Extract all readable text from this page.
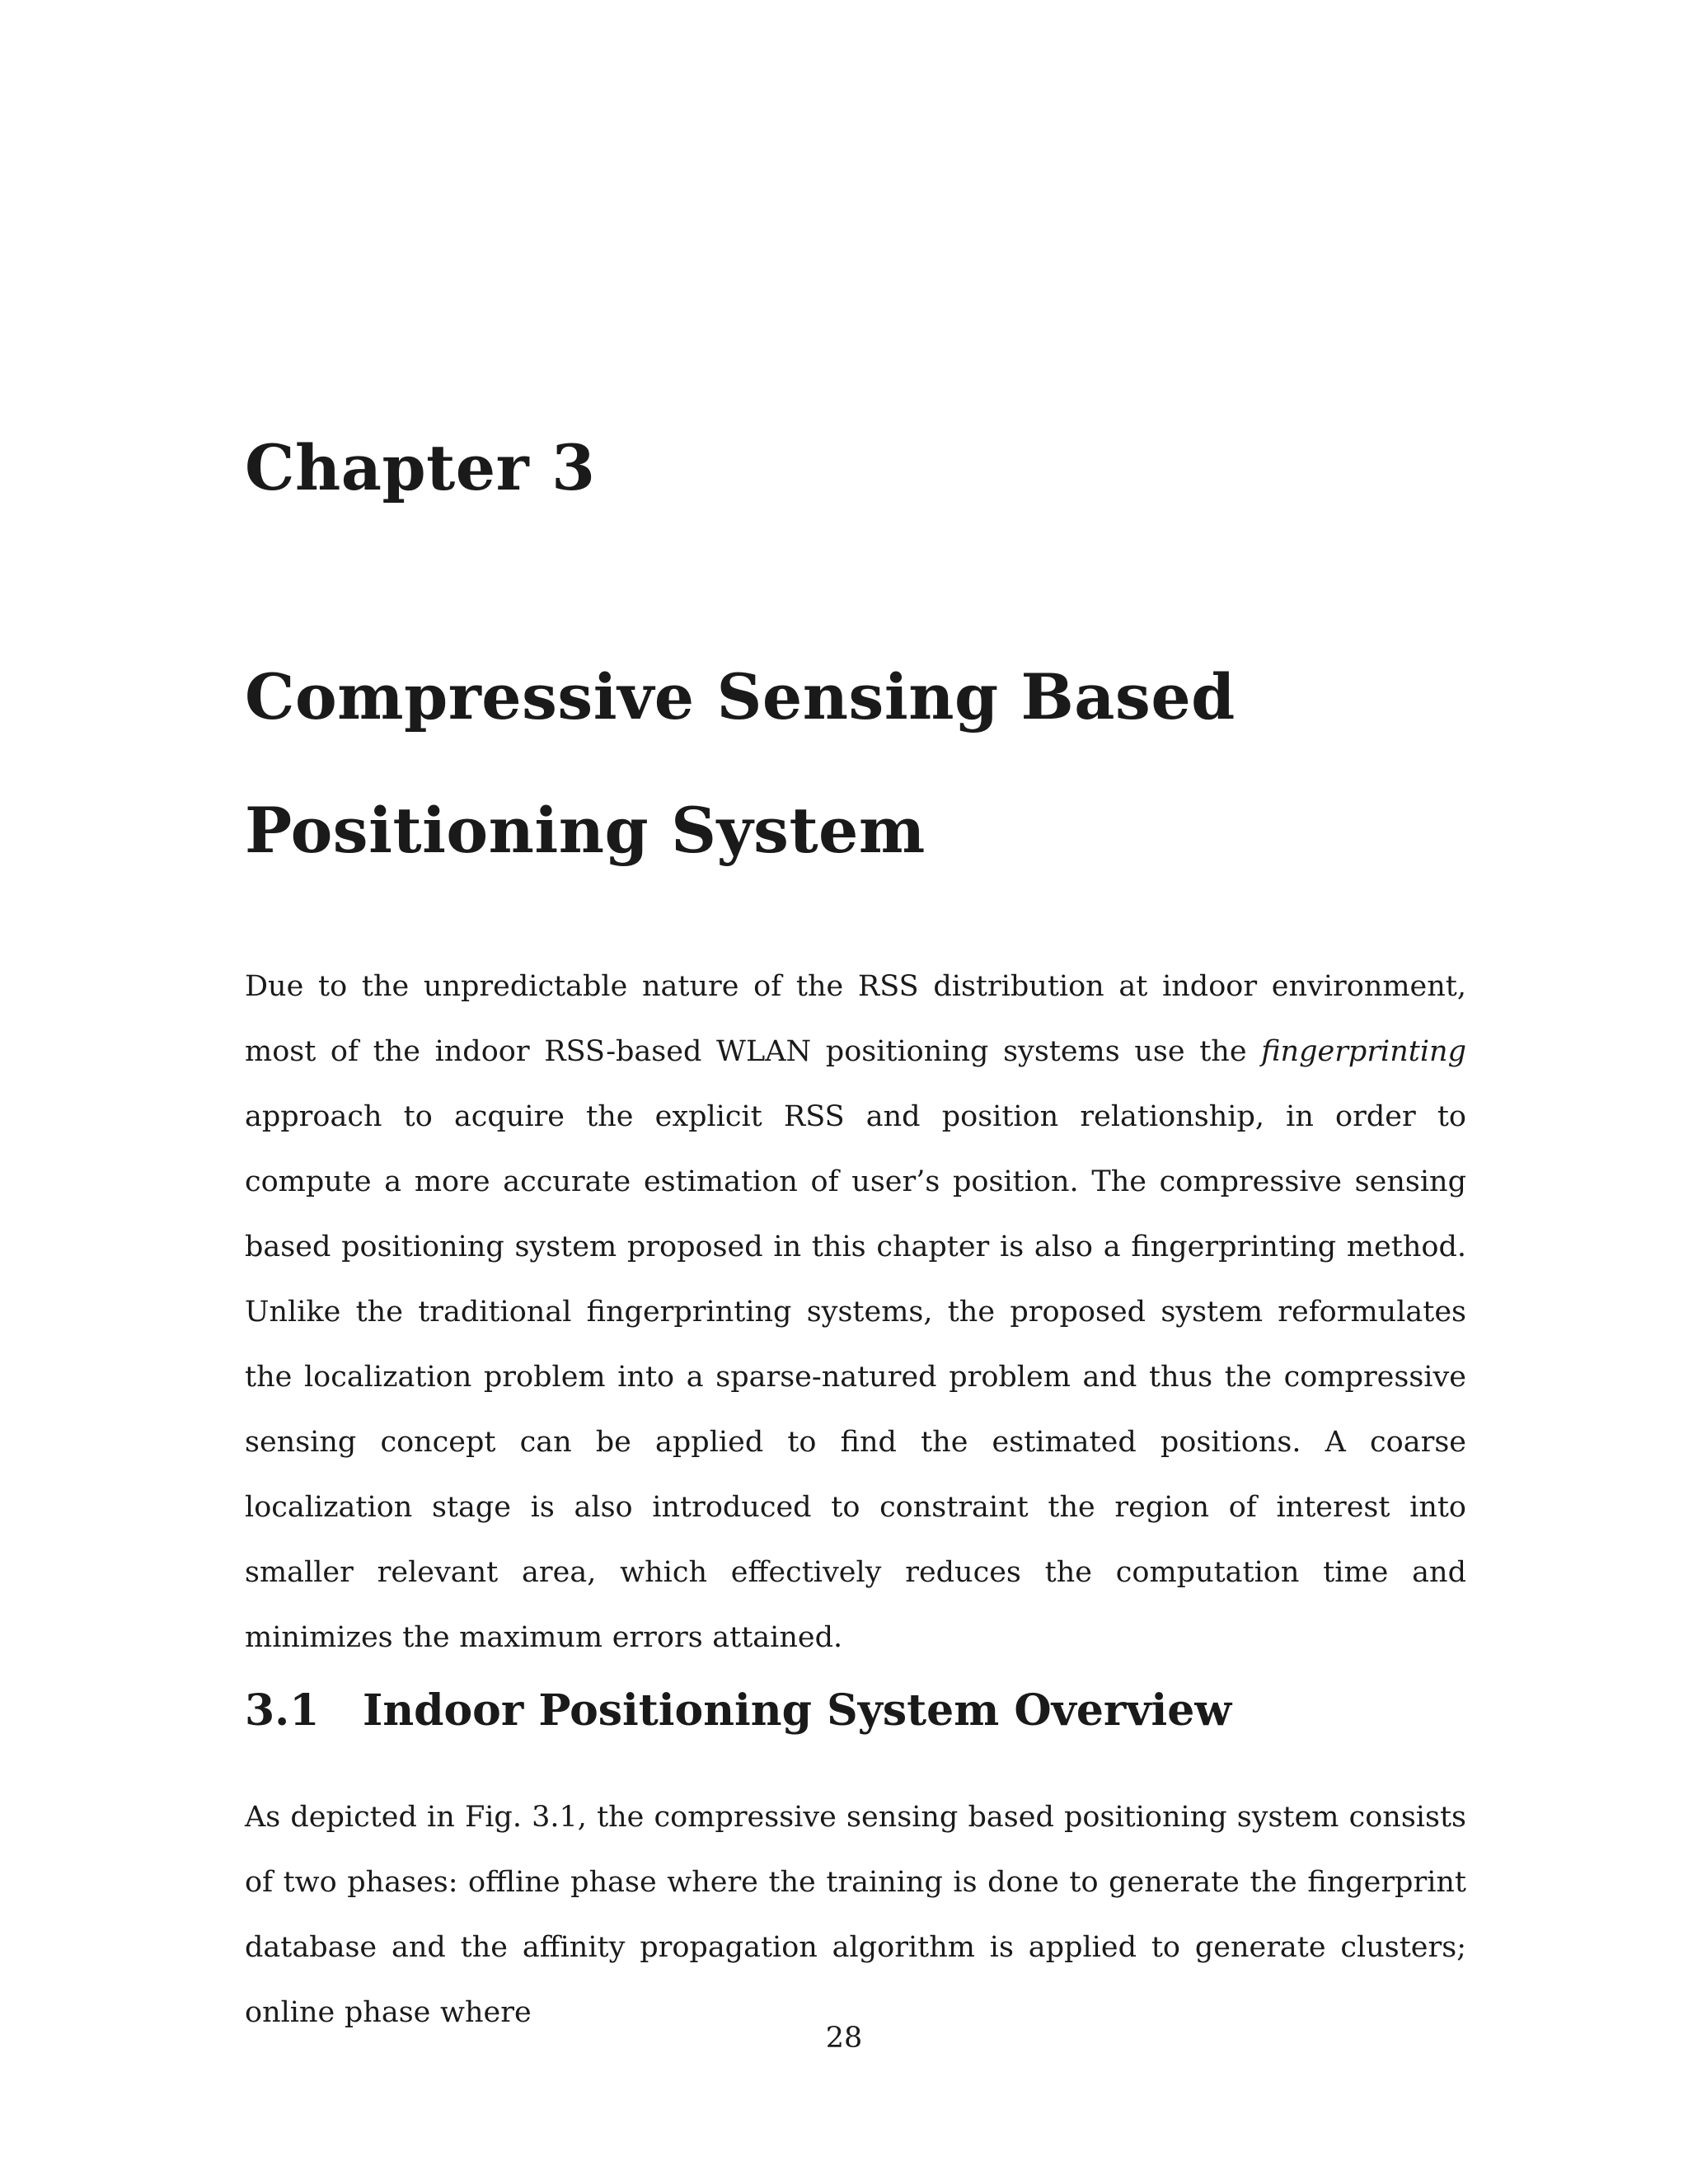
Chapter 3
Compressive Sensing Based
Positioning System

Due to the unpredictable nature of the RSS distribution at indoor environment, most of the indoor RSS-based WLAN positioning systems use the fingerprinting approach to acquire the explicit RSS and position relationship, in order to compute a more accurate estimation of user’s position. The compressive sensing based positioning system proposed in this chapter is also a fingerprinting method. Unlike the traditional fingerprinting systems, the proposed system reformulates the localization problem into a sparse-natured problem and thus the compressive sensing concept can be applied to find the estimated positions. A coarse localization stage is also introduced to constraint the region of interest into smaller relevant area, which effectively reduces the computation time and minimizes the maximum errors attained.

3.1 Indoor Positioning System Overview

As depicted in Fig. 3.1, the compressive sensing based positioning system consists of two phases: offline phase where the training is done to generate the fingerprint database and the affinity propagation algorithm is applied to generate clusters; online phase where

28
